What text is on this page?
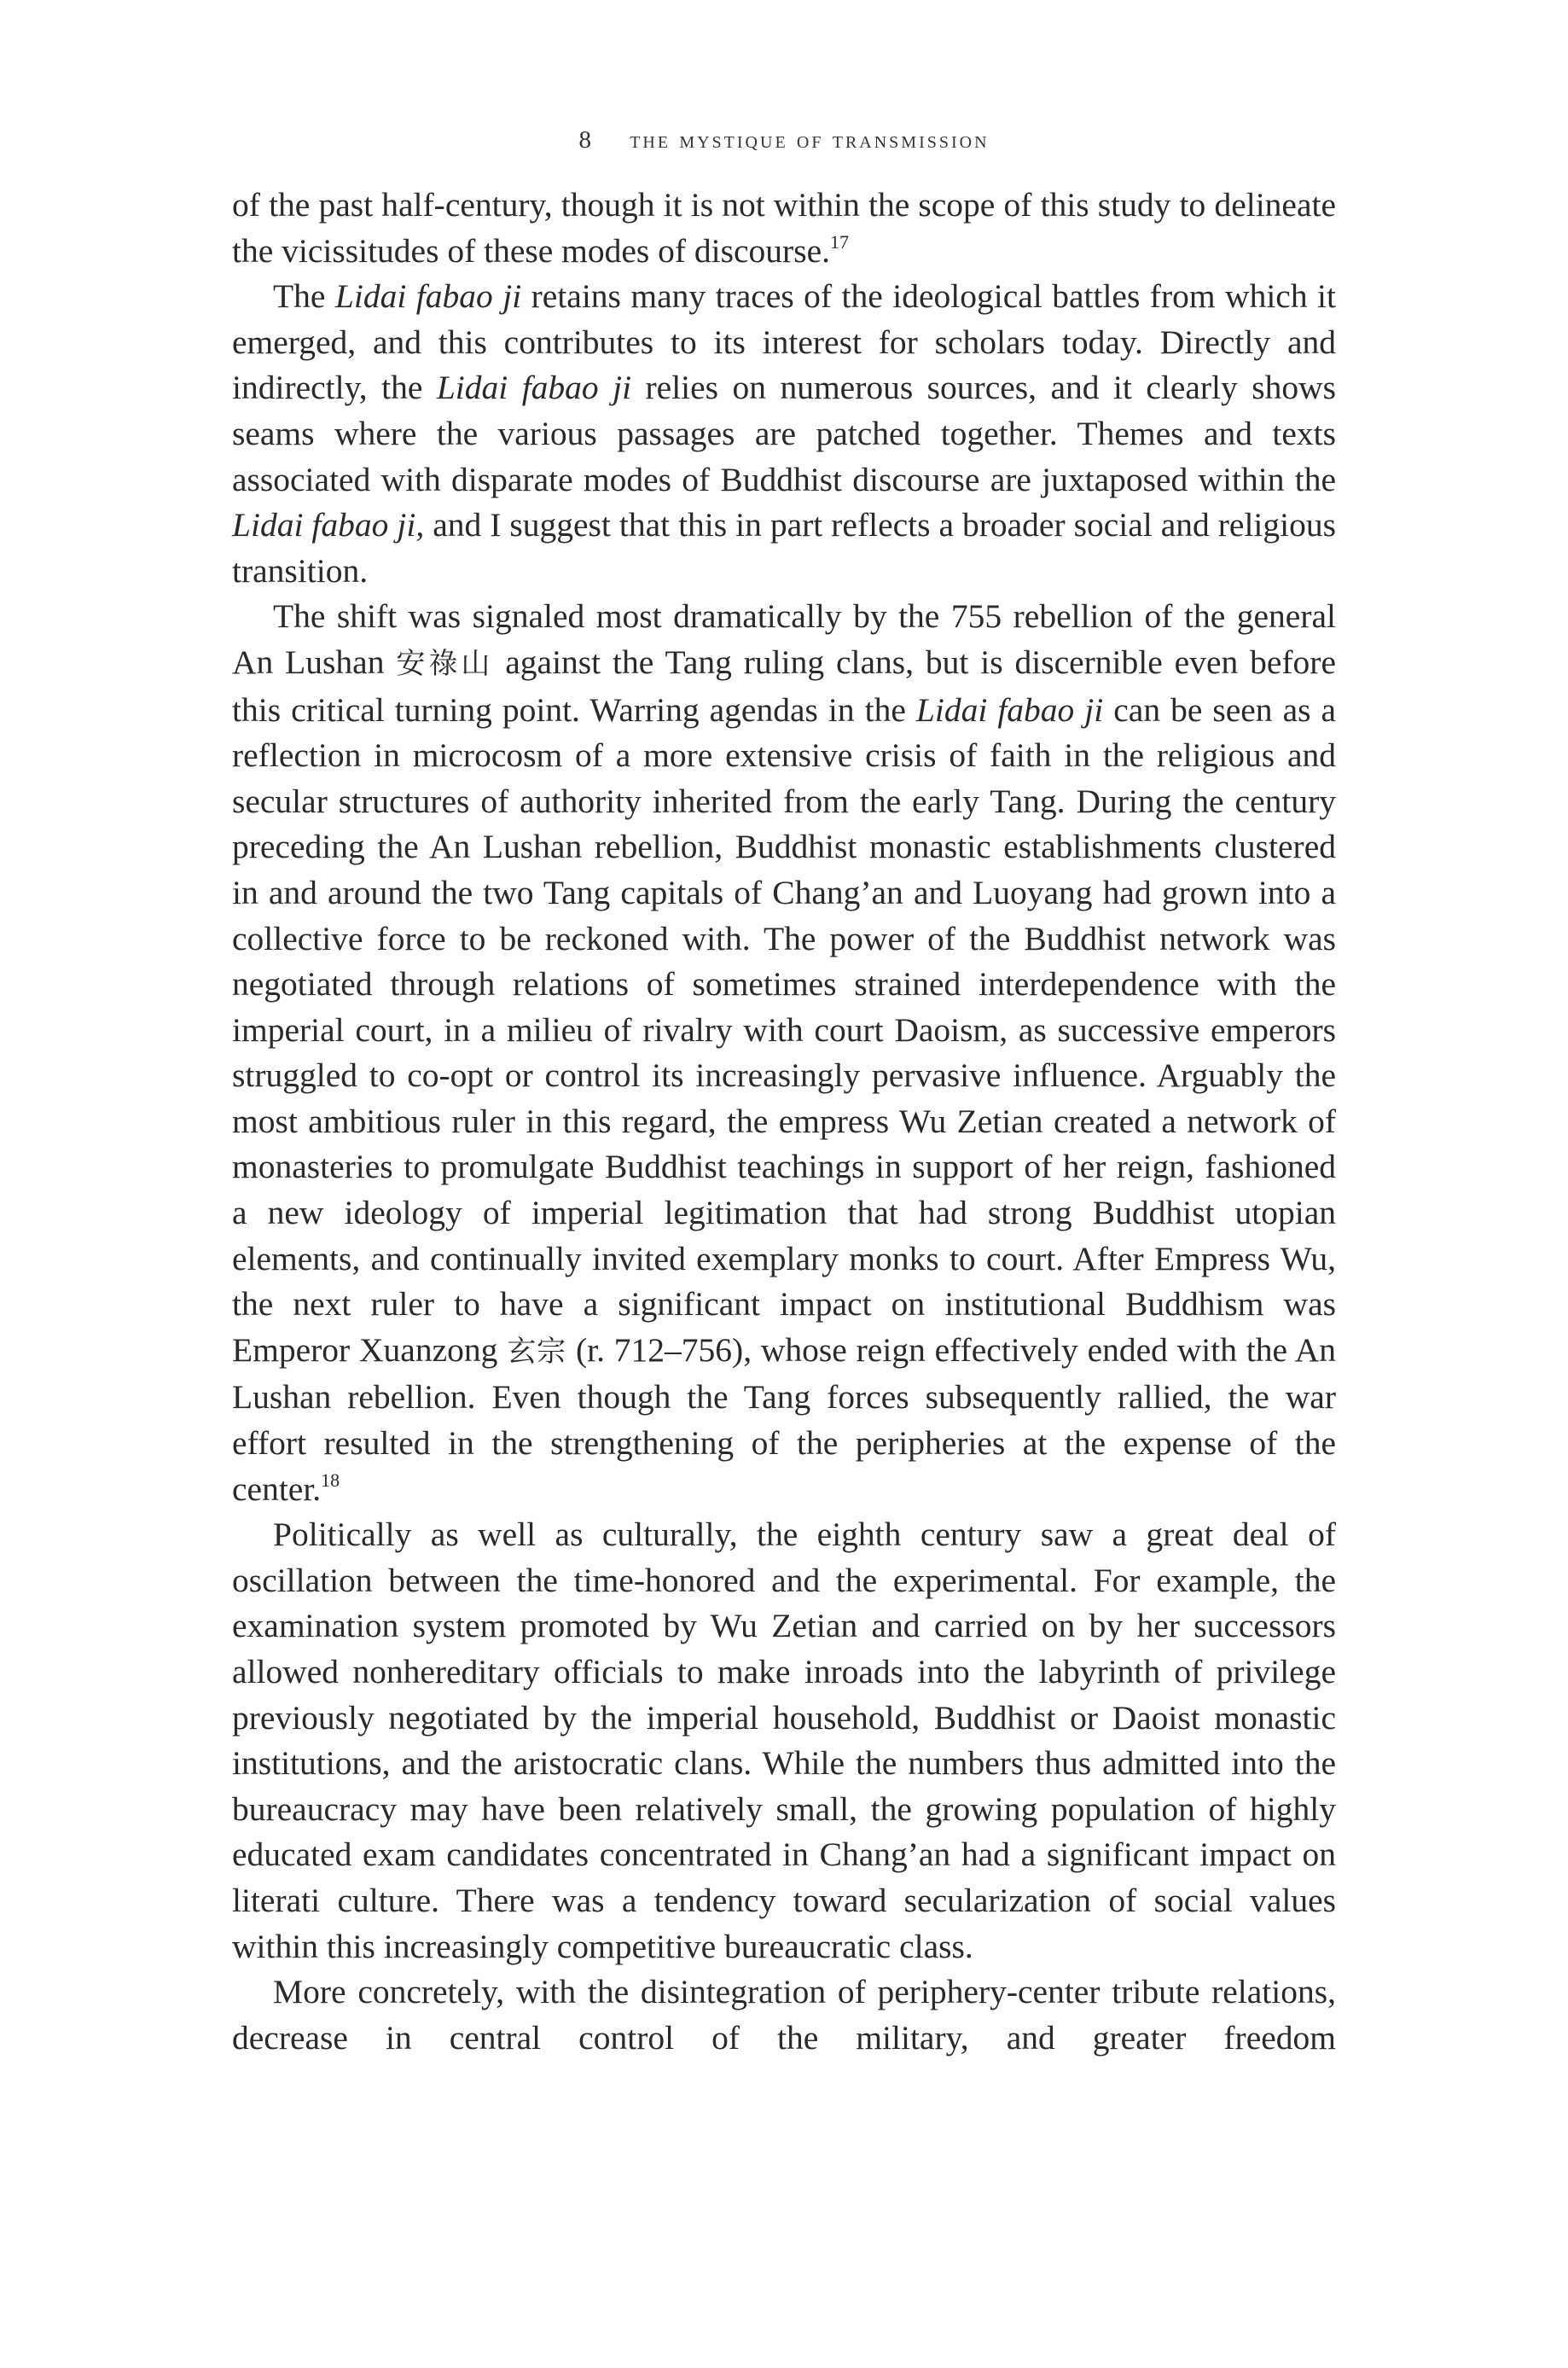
8 the mystique of transmission

of the past half-century, though it is not within the scope of this study to delineate the vicissitudes of these modes of discourse.$^{17}$

The Lidai fabao ji retains many traces of the ideological battles from which it emerged, and this contributes to its interest for scholars today. Directly and indirectly, the Lidai fabao ji relies on numerous sources, and it clearly shows seams where the various passages are patched together. Themes and texts associated with disparate modes of Buddhist discourse are juxtaposed within the Lidai fabao ji, and I suggest that this in part reflects a broader social and religious transition.

The shift was signaled most dramatically by the 755 rebellion of the general An Lushan 安祿山 against the Tang ruling clans, but is discernible even before this critical turning point. Warring agendas in the Lidai fabao ji can be seen as a reflection in microcosm of a more extensive crisis of faith in the religious and secular structures of authority inherited from the early Tang. During the century preceding the An Lushan rebellion, Buddhist monastic establishments clustered in and around the two Tang capitals of Chang’an and Luoyang had grown into a collective force to be reckoned with. The power of the Buddhist network was negotiated through relations of sometimes strained interdependence with the imperial court, in a milieu of rivalry with court Daoism, as successive emperors struggled to co-opt or control its increasingly pervasive influence. Arguably the most ambitious ruler in this regard, the empress Wu Zetian created a network of monasteries to promulgate Buddhist teachings in support of her reign, fashioned a new ideology of imperial legitimation that had strong Buddhist utopian elements, and continually invited exemplary monks to court. After Empress Wu, the next ruler to have a significant impact on institutional Buddhism was Emperor Xuanzong 玄宗 (r. 712–756), whose reign effectively ended with the An Lushan rebellion. Even though the Tang forces subsequently rallied, the war effort resulted in the strengthening of the peripheries at the expense of the center.$^{18}$

Politically as well as culturally, the eighth century saw a great deal of oscillation between the time-honored and the experimental. For example, the examination system promoted by Wu Zetian and carried on by her successors allowed nonhereditary officials to make inroads into the labyrinth of privilege previously negotiated by the imperial household, Buddhist or Daoist monastic institutions, and the aristocratic clans. While the numbers thus admitted into the bureaucracy may have been relatively small, the growing population of highly educated exam candidates concentrated in Chang’an had a significant impact on literati culture. There was a tendency toward secularization of social values within this increasingly competitive bureaucratic class.

More concretely, with the disintegration of periphery-center tribute relations, decrease in central control of the military, and greater freedom
